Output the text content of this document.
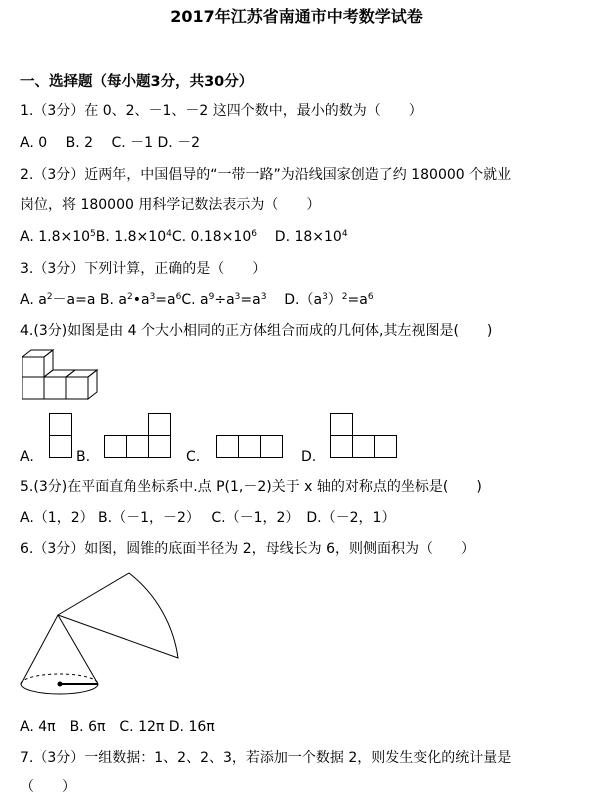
2017年江苏省南通市中考数学试卷
一、选择题（每小题3分，共30分）
1.（3分）在 0、2、－1、－2 这四个数中，最小的数为（　　）
A. 0　 B. 2　 C. －1 D. －2
2.（3分）近两年，中国倡导的“一带一路”为沿线国家创造了约 180000 个就业
岗位，将 180000 用科学记数法表示为（　　）
A. $1.8\times 10^5B$. $1.8\times 10^4C$. $0.18\times 10^6$ D. $18\times 10^4$
3.（3分）下列计算，正确的是（　　）
A. $a^2-a=a$ B. $a^2•a^3=a^6C$. $a^9\div a^3=a^3$ $D.(a^3)^2=a^6$
4.(3分)如图是由 4 个大小相同的正方体组合而成的几何体,其左视图是(　　)
A.	B.	C.	D.
5.(3分)在平面直角坐标系中.点 P(1,－2)关于 x 轴的对称点的坐标是(　　)
A.（1，2） B.（－1，－2）　 C.（－1，2）　D.（－2，1）
6.（3分）如图，圆锥的底面半径为 2，母线长为 6，则侧面积为（　　）
A. 4π　B. 6π　C. 12π D. 16π
7.（3分）一组数据：1、2、2、3，若添加一个数据 2，则发生变化的统计量是
（　　）
